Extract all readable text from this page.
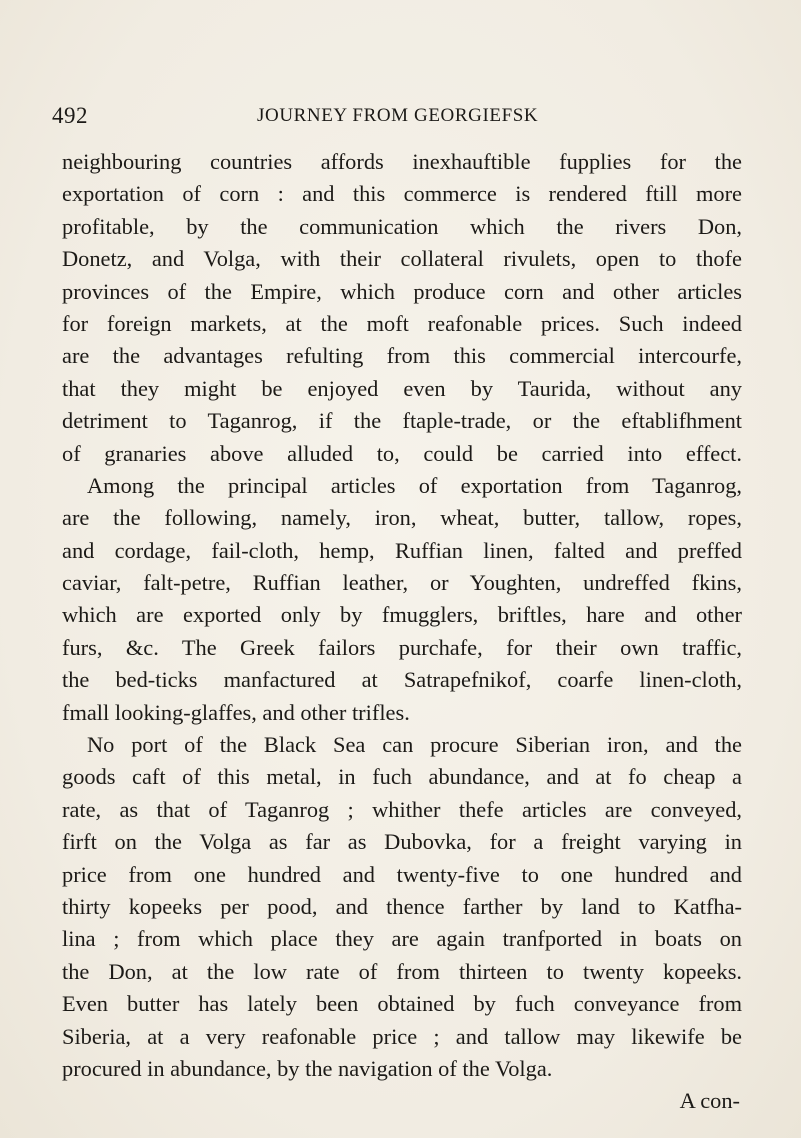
492	JOURNEY FROM GEORGIEFSK
neighbouring countries affords inexhauftible fupplies for the
exportation of corn : and this commerce is rendered ftill more
profitable, by the communication which the rivers Don,
Donetz, and Volga, with their collateral rivulets, open to thofe
provinces of the Empire, which produce corn and other articles
for foreign markets, at the moft reafonable prices. Such indeed
are the advantages refulting from this commercial intercourfe,
that they might be enjoyed even by Taurida, without any
detriment to Taganrog, if the ftaple-trade, or the eftablifhment
of granaries above alluded to, could be carried into effect.
Among the principal articles of exportation from Taganrog,
are the following, namely, iron, wheat, butter, tallow, ropes,
and cordage, fail-cloth, hemp, Ruffian linen, falted and preffed
caviar, falt-petre, Ruffian leather, or Youghten, undreffed fkins,
which are exported only by fmugglers, briftles, hare and other
furs, &c. The Greek failors purchafe, for their own traffic,
the bed-ticks manfactured at Satrapefnikof, coarfe linen-cloth,
fmall looking-glaffes, and other trifles.
No port of the Black Sea can procure Siberian iron, and the
goods caft of this metal, in fuch abundance, and at fo cheap a
rate, as that of Taganrog ; whither thefe articles are conveyed,
firft on the Volga as far as Dubovka, for a freight varying in
price from one hundred and twenty-five to one hundred and
thirty kopeeks per pood, and thence farther by land to Katfha-
lina ; from which place they are again tranfported in boats on
the Don, at the low rate of from thirteen to twenty kopeeks.
Even butter has lately been obtained by fuch conveyance from
Siberia, at a very reafonable price ; and tallow may likewife be
procured in abundance, by the navigation of the Volga.
A con-
